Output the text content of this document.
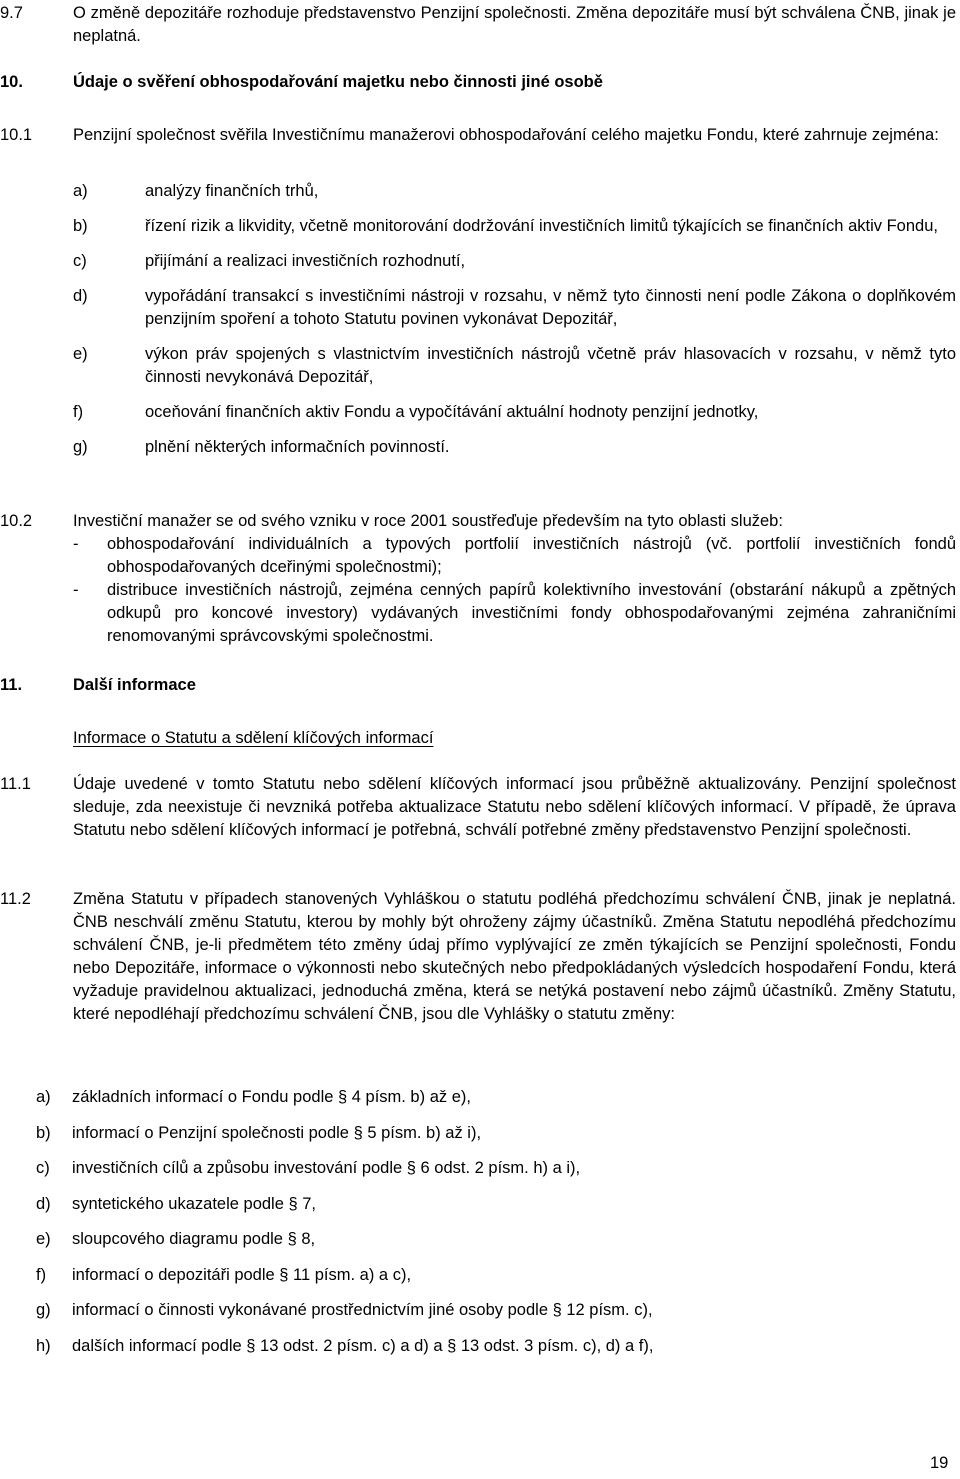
9.7	O změně depozitáře rozhoduje představenstvo Penzijní společnosti. Změna depozitáře musí být schválena ČNB, jinak je neplatná.
10.	Údaje o svěření obhospodařování majetku nebo činnosti jiné osobě
10.1 Penzijní společnost svěřila Investičnímu manažerovi obhospodařování celého majetku Fondu, které zahrnuje zejména:
a)	analýzy finančních trhů,
b)	řízení rizik a likvidity, včetně monitorování dodržování investičních limitů týkajících se finančních aktiv Fondu,
c)	přijímání a realizaci investičních rozhodnutí,
d)	vypořádání transakcí s investičními nástroji v rozsahu, v němž tyto činnosti není podle Zákona o doplňkovém penzijním spoření a tohoto Statutu povinen vykonávat Depozitář,
e)	výkon práv spojených s vlastnictvím investičních nástrojů včetně práv hlasovacích v rozsahu, v němž tyto činnosti nevykonává Depozitář,
f)	oceňování finančních aktiv Fondu a vypočítávání aktuální hodnoty penzijní jednotky,
g)	plnění některých informačních povinností.
10.2 Investiční manažer se od svého vzniku v roce 2001 soustřeďuje především na tyto oblasti služeb:
- obhospodařování individuálních a typových portfolií investičních nástrojů (vč. portfolií investičních fondů obhospodařovaných dceřinými společnostmi);
- distribuce investičních nástrojů, zejména cenných papírů kolektivního investování (obstarání nákupů a zpětných odkupů pro koncové investory) vydávaných investičními fondy obhospodařovanými zejména zahraničními renomovanými správcovskými společnostmi.
11.	Další informace
Informace o Statutu a sdělení klíčových informací
11.1	Údaje uvedené v tomto Statutu nebo sdělení klíčových informací jsou průběžně aktualizovány. Penzijní společnost sleduje, zda neexistuje či nevzniká potřeba aktualizace Statutu nebo sdělení klíčových informací. V případě, že úprava Statutu nebo sdělení klíčových informací je potřebná, schválí potřebné změny představenstvo Penzijní společnosti.
11.2	Změna Statutu v případech stanovených Vyhláškou o statutu podléhá předchozímu schválení ČNB, jinak je neplatná. ČNB neschválí změnu Statutu, kterou by mohly být ohroženy zájmy účastníků. Změna Statutu nepodléhá předchozímu schválení ČNB, je-li předmětem této změny údaj přímo vyplývající ze změn týkajících se Penzijní společnosti, Fondu nebo Depozitáře, informace o výkonnosti nebo skutečných nebo předpokládaných výsledcích hospodaření Fondu, která vyžaduje pravidelnou aktualizaci, jednoduchá změna, která se netýká postavení nebo zájmů účastníků. Změny Statutu, které nepodléhají předchozímu schválení ČNB, jsou dle Vyhlášky o statutu změny:
a) základních informací o Fondu podle § 4 písm. b) až e),
b) informací o Penzijní společnosti podle § 5 písm. b) až i),
c) investičních cílů a způsobu investování podle § 6 odst. 2 písm. h) a i),
d) syntetického ukazatele podle § 7,
e) sloupcového diagramu podle § 8,
f) informací o depozitáři podle § 11 písm. a) a c),
g) informací o činnosti vykonávané prostřednictvím jiné osoby podle § 12 písm. c),
h) dalších informací podle § 13 odst. 2 písm. c) a d) a § 13 odst. 3 písm. c), d) a f),
19
